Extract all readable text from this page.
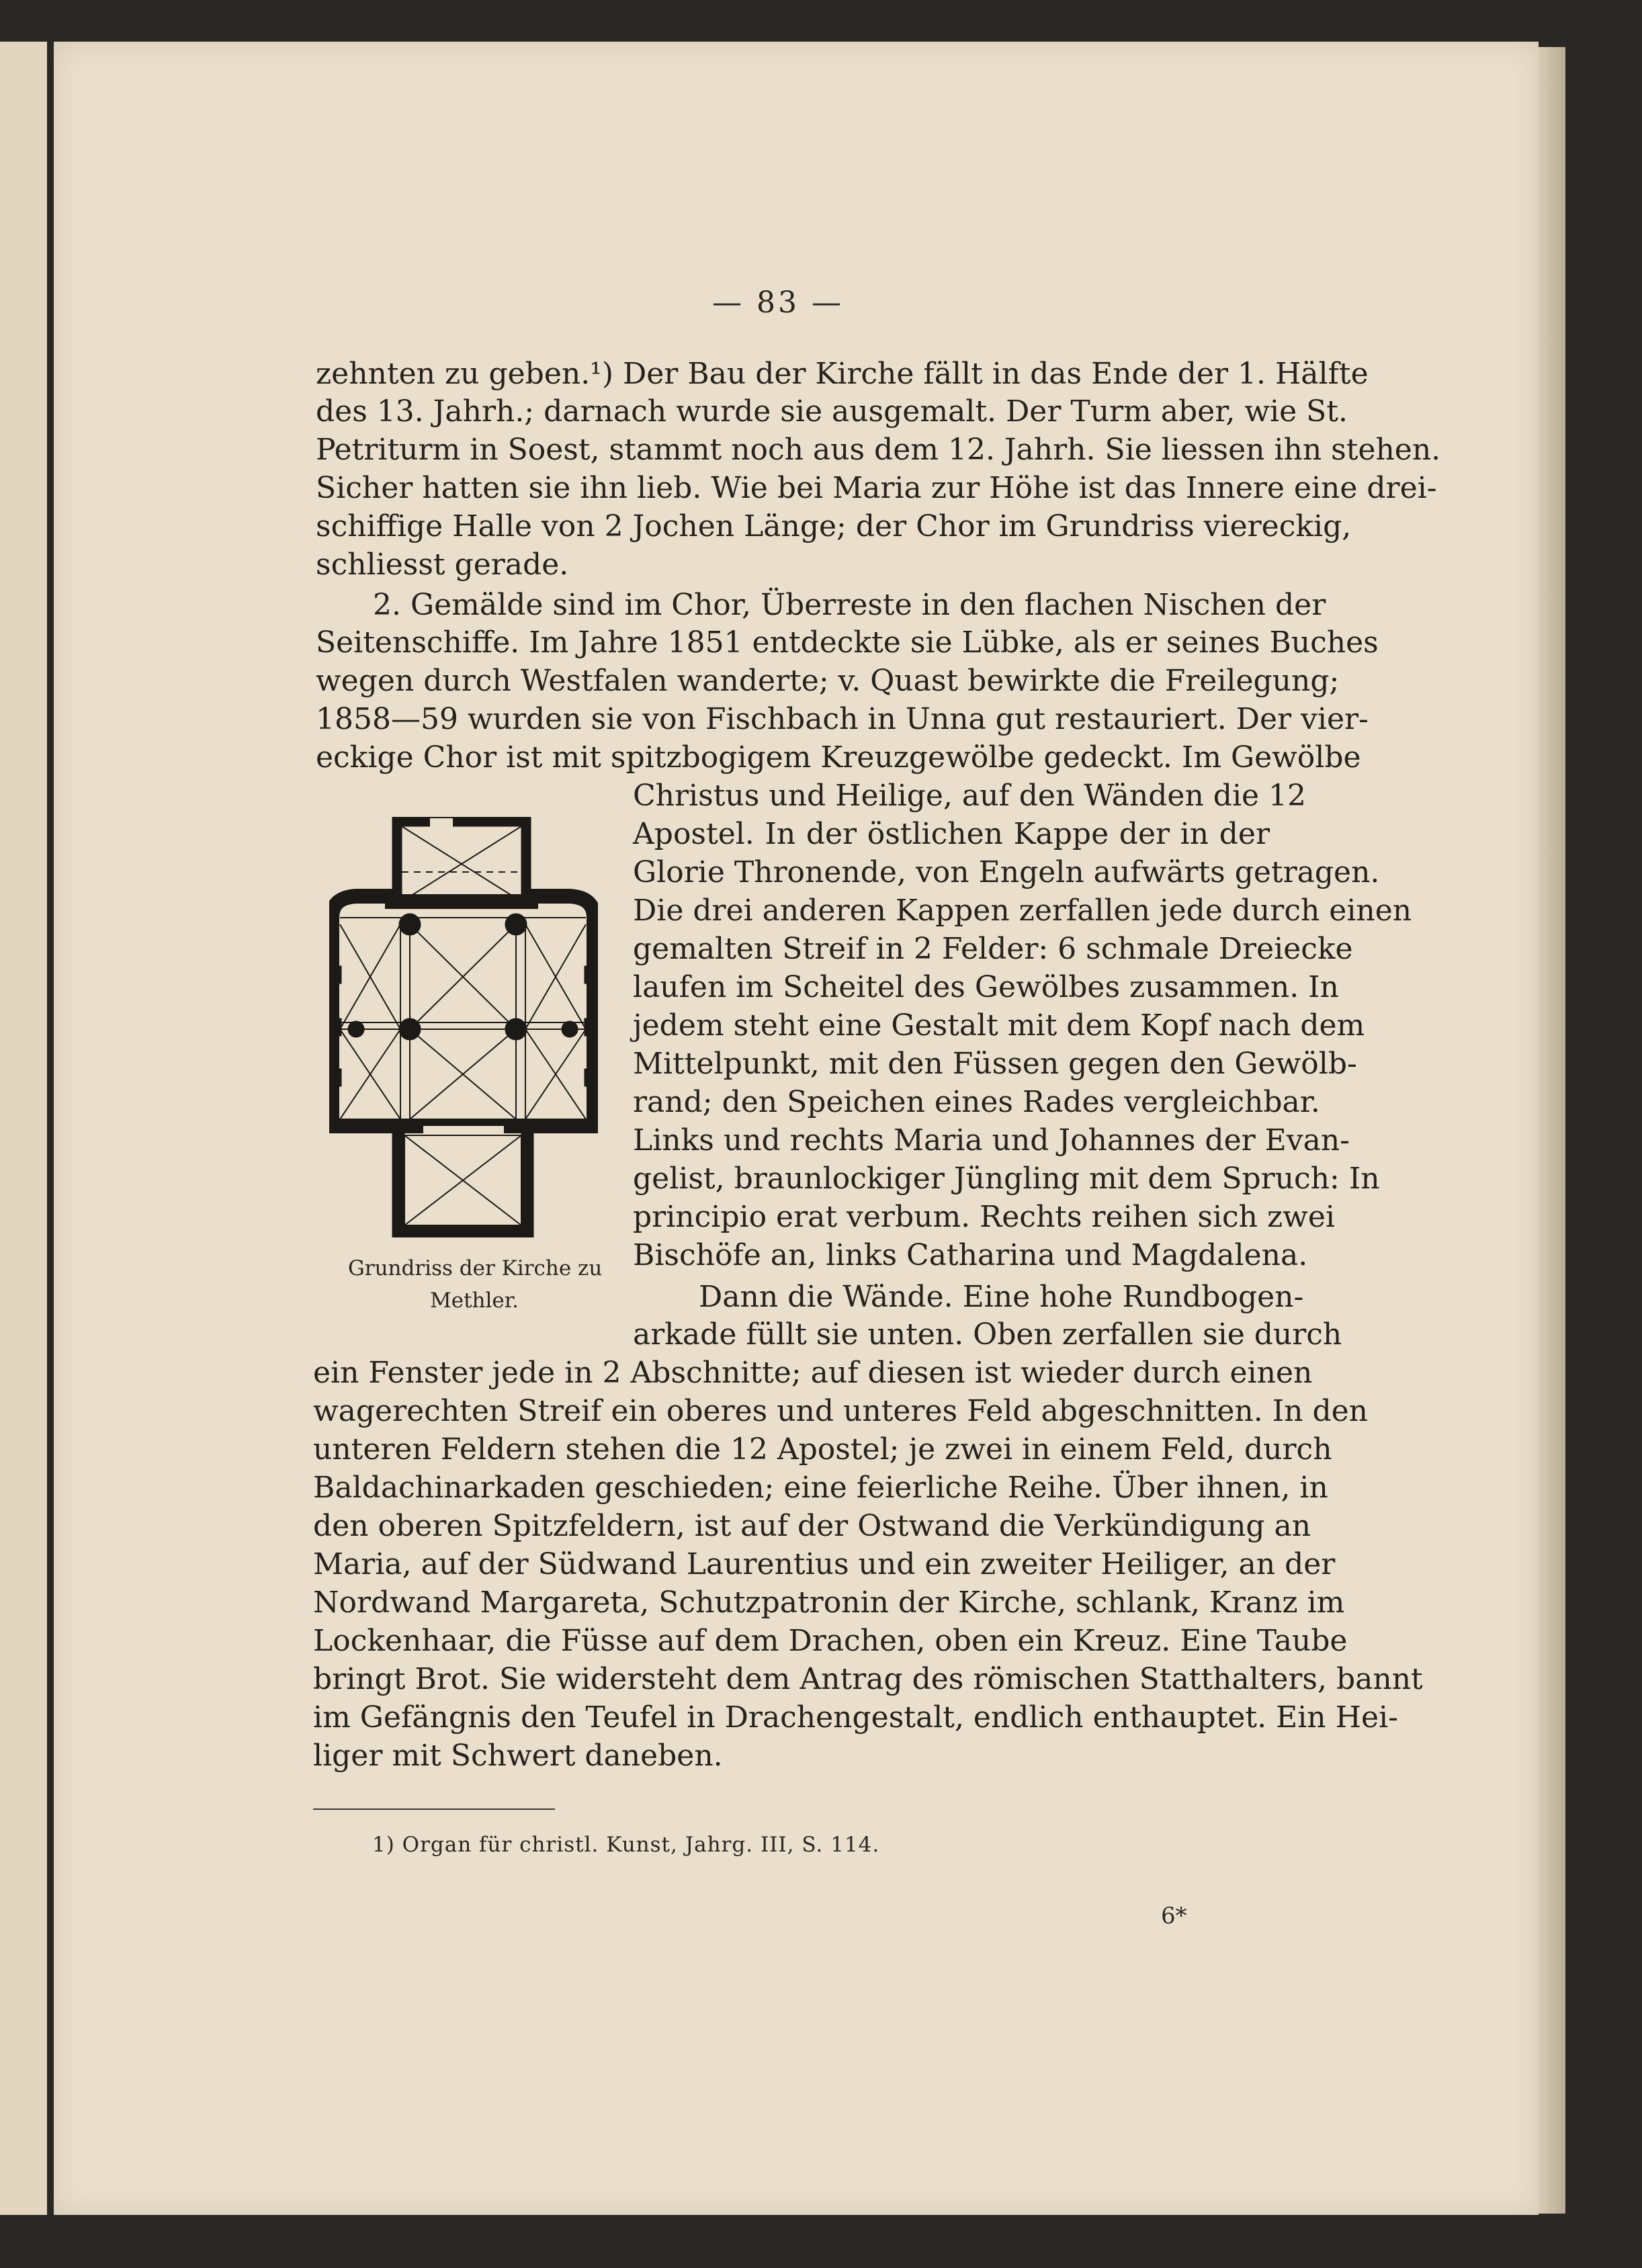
— 83 —
zehnten zu geben.¹) Der Bau der Kirche fällt in das Ende der 1. Hälfte
des 13. Jahrh.; darnach wurde sie ausgemalt. Der Turm aber, wie St.
Petriturm in Soest, stammt noch aus dem 12. Jahrh. Sie liessen ihn stehen.
Sicher hatten sie ihn lieb. Wie bei Maria zur Höhe ist das Innere eine drei-
schiffige Halle von 2 Jochen Länge; der Chor im Grundriss viereckig,
schliesst gerade.
2. Gemälde sind im Chor, Überreste in den flachen Nischen der
Seitenschiffe. Im Jahre 1851 entdeckte sie Lübke, als er seines Buches
wegen durch Westfalen wanderte; v. Quast bewirkte die Freilegung;
1858—59 wurden sie von Fischbach in Unna gut restauriert. Der vier-
eckige Chor ist mit spitzbogigem Kreuzgewölbe gedeckt. Im Gewölbe
Christus und Heilige, auf den Wänden die 12
Apostel. In der östlichen Kappe der in der
Glorie Thronende, von Engeln aufwärts getragen.
Die drei anderen Kappen zerfallen jede durch einen
gemalten Streif in 2 Felder: 6 schmale Dreiecke
laufen im Scheitel des Gewölbes zusammen. In
jedem steht eine Gestalt mit dem Kopf nach dem
Mittelpunkt, mit den Füssen gegen den Gewölb-
rand; den Speichen eines Rades vergleichbar.
Links und rechts Maria und Johannes der Evan-
gelist, braunlockiger Jüngling mit dem Spruch: In
principio erat verbum. Rechts reihen sich zwei
Bischöfe an, links Catharina und Magdalena.
Dann die Wände. Eine hohe Rundbogen-
arkade füllt sie unten. Oben zerfallen sie durch
ein Fenster jede in 2 Abschnitte; auf diesen ist wieder durch einen
wagerechten Streif ein oberes und unteres Feld abgeschnitten. In den
unteren Feldern stehen die 12 Apostel; je zwei in einem Feld, durch
Baldachinarkaden geschieden; eine feierliche Reihe. Über ihnen, in
den oberen Spitzfeldern, ist auf der Ostwand die Verkündigung an
Maria, auf der Südwand Laurentius und ein zweiter Heiliger, an der
Nordwand Margareta, Schutzpatronin der Kirche, schlank, Kranz im
Lockenhaar, die Füsse auf dem Drachen, oben ein Kreuz. Eine Taube
bringt Brot. Sie widersteht dem Antrag des römischen Statthalters, bannt
im Gefängnis den Teufel in Drachengestalt, endlich enthauptet. Ein Hei-
liger mit Schwert daneben.
Grundriss der Kirche zu
Methler.
1) Organ für christl. Kunst, Jahrg. III, S. 114.
6*
